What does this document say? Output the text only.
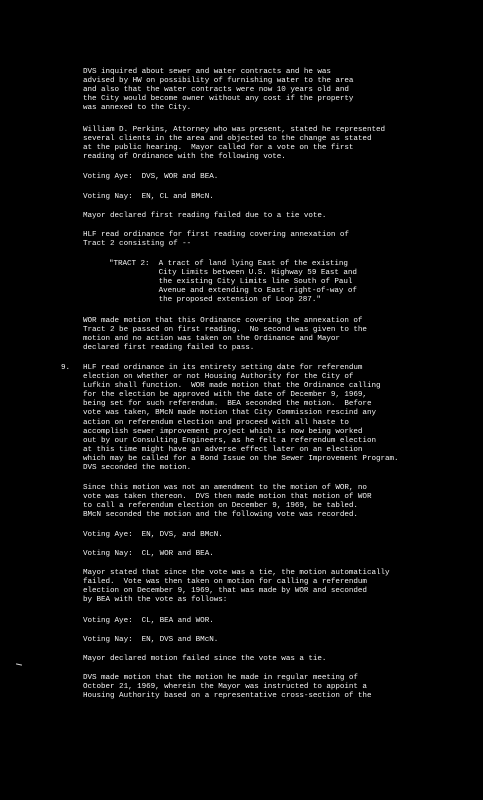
DVS inquired about sewer and water contracts and he was
advised by HW on possibility of furnishing water to the area
and also that the water contracts were now 10 years old and
the City would become owner without any cost if the property
was annexed to the City.

William D. Perkins, Attorney who was present, stated he represented
several clients in the area and objected to the change as stated
at the public hearing.  Mayor called for a vote on the first
reading of Ordinance with the following vote.

Voting Aye:  DVS, WOR and BEA.

Voting Nay:  EN, CL and BMcN.

Mayor declared first reading failed due to a tie vote.

HLF read ordinance for first reading covering annexation of
Tract 2 consisting of --

"TRACT 2:  A tract of land lying East of the existing
City Limits between U.S. Highway 59 East and
the existing City Limits line South of Paul
Avenue and extending to East right-of-way of
the proposed extension of Loop 287."

WOR made motion that this Ordinance covering the annexation of
Tract 2 be passed on first reading.  No second was given to the
motion and no action was taken on the Ordinance and Mayor
declared first reading failed to pass.

9. HLF read ordinance in its entirety setting date for referendum
election on whether or not Housing Authority for the City of
Lufkin shall function.  WOR made motion that the Ordinance calling
for the election be approved with the date of December 9, 1969,
being set for such referendum.  BEA seconded the motion.  Before
vote was taken, BMcN made motion that City Commission rescind any
action on referendum election and proceed with all haste to
accomplish sewer improvement project which is now being worked
out by our Consulting Engineers, as he felt a referendum election
at this time might have an adverse effect later on an election
which may be called for a Bond Issue on the Sewer Improvement Program.
DVS seconded the motion.

Since this motion was not an amendment to the motion of WOR, no
vote was taken thereon.  DVS then made motion that motion of WOR
to call a referendum election on December 9, 1969, be tabled.
BMcN seconded the motion and the following vote was recorded.

Voting Aye:  EN, DVS, and BMcN.

Voting Nay:  CL, WOR and BEA.

Mayor stated that since the vote was a tie, the motion automatically
failed.  Vote was then taken on motion for calling a referendum
election on December 9, 1969, that was made by WOR and seconded
by BEA with the vote as follows:

Voting Aye:  CL, BEA and WOR.

Voting Nay:  EN, DVS and BMcN.

Mayor declared motion failed since the vote was a tie.

DVS made motion that the motion he made in regular meeting of
October 21, 1969, wherein the Mayor was instructed to appoint a
Housing Authority based on a representative cross-section of the
